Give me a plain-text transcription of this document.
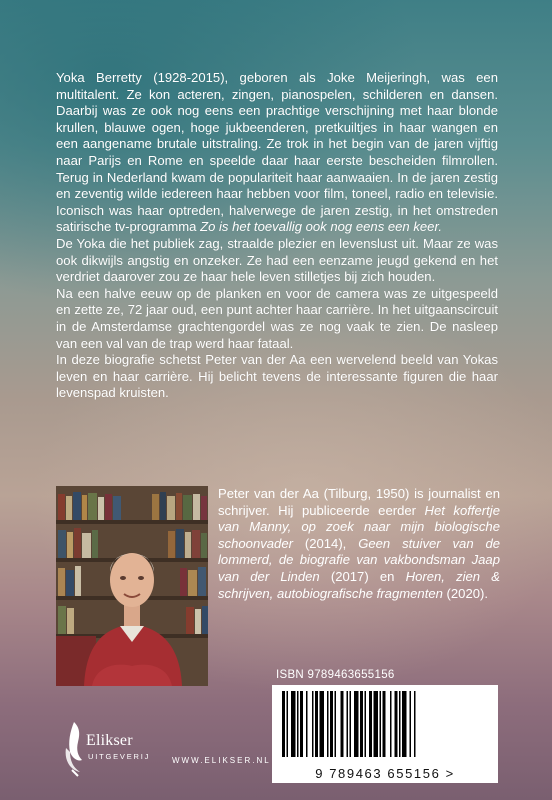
Yoka Berretty (1928-2015), geboren als Joke Meijeringh, was een multitalent. Ze kon acteren, zingen, pianospelen, schilderen en dansen. Daarbij was ze ook nog eens een prachtige verschijning met haar blonde krullen, blauwe ogen, hoge jukbeenderen, pretkuiltjes in haar wangen en een aangename brutale uitstraling. Ze trok in het begin van de jaren vijftig naar Parijs en Rome en speelde daar haar eerste bescheiden filmrollen. Terug in Nederland kwam de populariteit haar aanwaaien. In de jaren zestig en zeventig wilde iedereen haar hebben voor film, toneel, radio en televisie. Iconisch was haar optreden, halverwege de jaren zestig, in het omstreden satirische tv-programma Zo is het toevallig ook nog eens een keer.

De Yoka die het publiek zag, straalde plezier en levenslust uit. Maar ze was ook dikwijls angstig en onzeker. Ze had een eenzame jeugd gekend en het verdriet daarover zou ze haar hele leven stilletjes bij zich houden.

Na een halve eeuw op de planken en voor de camera was ze uitgespeeld en zette ze, 72 jaar oud, een punt achter haar carrière. In het uitgaanscircuit in de Amsterdamse grachtengordel was ze nog vaak te zien. De nasleep van een val van de trap werd haar fataal.

In deze biografie schetst Peter van der Aa een wervelend beeld van Yokas leven en haar carrière. Hij belicht tevens de interessante figuren die haar levenspad kruisten.

Peter van der Aa (Tilburg, 1950) is journalist en schrijver. Hij publiceerde eerder Het koffertje van Manny, op zoek naar mijn biologische schoonvader (2014), Geen stuiver van de lommerd, de biografie van vakbondsman Jaap van der Linden (2017) en Horen, zien & schrijven, autobiografische fragmenten (2020).
ISBN 9789463655156
9 789463 655156 >
Elikser
UITGEVERIJ	WWW.ELIKSER.NL
